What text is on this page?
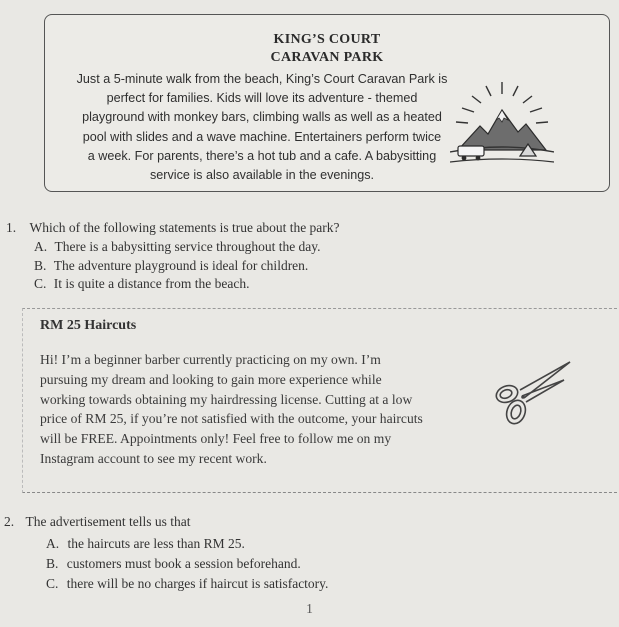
KING’S COURT
CARAVAN PARK
Just a 5-minute walk from the beach, King’s Court Caravan Park is
perfect for families. Kids will love its adventure - themed
playground with monkey bars, climbing walls as well as a heated
pool with slides and a wave machine. Entertainers perform twice
a week. For parents, there’s a hot tub and a cafe. A babysitting
service is also available in the evenings.
1. Which of the following statements is true about the park?
A. There is a babysitting service throughout the day.
B. The adventure playground is ideal for children.
C. It is quite a distance from the beach.
RM 25 Haircuts
Hi! I’m a beginner barber currently practicing on my own. I’m
pursuing my dream and looking to gain more experience while
working towards obtaining my hairdressing license. Cutting at a low
price of RM 25, if you’re not satisfied with the outcome, your haircuts
will be FREE. Appointments only! Feel free to follow me on my
Instagram account to see my recent work.
2. The advertisement tells us that
A. the haircuts are less than RM 25.
B. customers must book a session beforehand.
C. there will be no charges if haircut is satisfactory.
1
